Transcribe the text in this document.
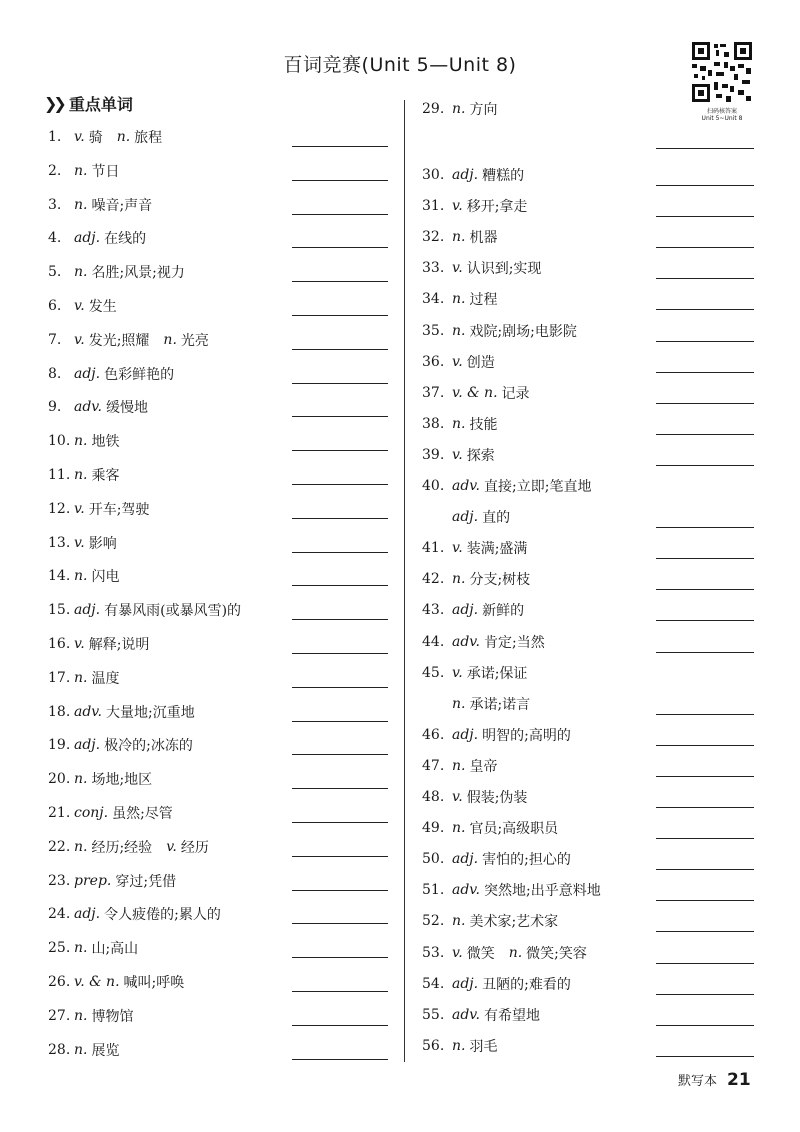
百词竞赛(Unit 5—Unit 8)
扫码核答案
Unit 5~Unit 8
❯❯ 重点单词
1. v. 骑 n. 旅程
2. n. 节日
3. n. 噪音;声音
4. adj. 在线的
5. n. 名胜;风景;视力
6. v. 发生
7. v. 发光;照耀 n. 光亮
8. adj. 色彩鲜艳的
9. adv. 缓慢地
10. n. 地铁
11. n. 乘客
12. v. 开车;驾驶
13. v. 影响
14. n. 闪电
15. adj. 有暴风雨(或暴风雪)的
16. v. 解释;说明
17. n. 温度
18. adv. 大量地;沉重地
19. adj. 极冷的;冰冻的
20. n. 场地;地区
21. conj. 虽然;尽管
22. n. 经历;经验 v. 经历
23. prep. 穿过;凭借
24. adj. 令人疲倦的;累人的
25. n. 山;高山
26. v. & n. 喊叫;呼唤
27. n. 博物馆
28. n. 展览
29. n. 方向
30. adj. 糟糕的
31. v. 移开;拿走
32. n. 机器
33. v. 认识到;实现
34. n. 过程
35. n. 戏院;剧场;电影院
36. v. 创造
37. v. & n. 记录
38. n. 技能
39. v. 探索
40. adv. 直接;立即;笔直地
adj. 直的
41. v. 装满;盛满
42. n. 分支;树枝
43. adj. 新鲜的
44. adv. 肯定;当然
45. v. 承诺;保证
n. 承诺;诺言
46. adj. 明智的;高明的
47. n. 皇帝
48. v. 假装;伪装
49. n. 官员;高级职员
50. adj. 害怕的;担心的
51. adv. 突然地;出乎意料地
52. n. 美术家;艺术家
53. v. 微笑 n. 微笑;笑容
54. adj. 丑陋的;难看的
55. adv. 有希望地
56. n. 羽毛
默写本 21
